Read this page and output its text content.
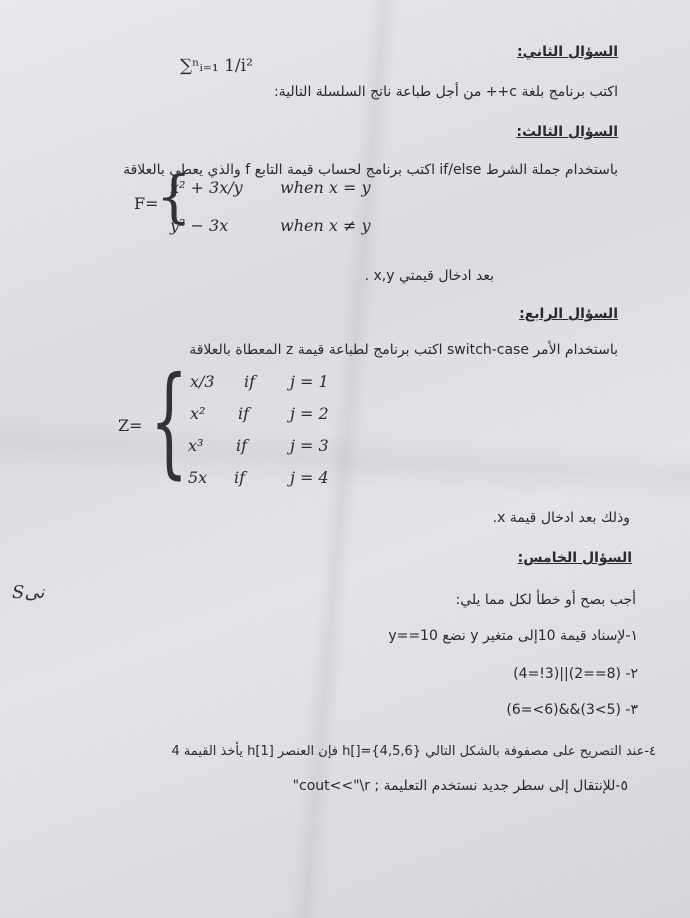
السؤال الثاني:
اكتب برنامج بلغة c++ من أجل طباعة ناتج السلسلة التالية:
∑ⁿᵢ₌₁ 1/i²
السؤال الثالث:
باستخدام جملة الشرط if/else اكتب برنامج لحساب قيمة التابع f والذي يعطى بالعلاقة
F=
{
x² + 3x/y when x = y
y² − 3x	when x ≠ y
بعد ادخال قيمتي x,y .
السؤال الرابع:
باستخدام الأمر switch-case اكتب برنامج لطباعة قيمة z المعطاة بالعلاقة
Z= { x/3 if j = 1
x² if	j = 2
x³ if	j = 3
5x if	j = 4
وذلك بعد ادخال قيمة x.
السؤال الخامس:
Sنى	أجب بصح أو خطأ لكل مما يلي:
١-لإسناد قيمة 10إلى متغير y نضع y==10
٢- (8==2)||(3!=4)
٣- (5>3)&&(6>=6)
٤-عند التصريح على مصفوفة بالشكل التالي h[]={4,5,6} فإن العنصر h[1] يأخذ القيمة 4
٥-للإنتقال إلى سطر جديد نستخدم التعليمة ; cout<<"\r"
